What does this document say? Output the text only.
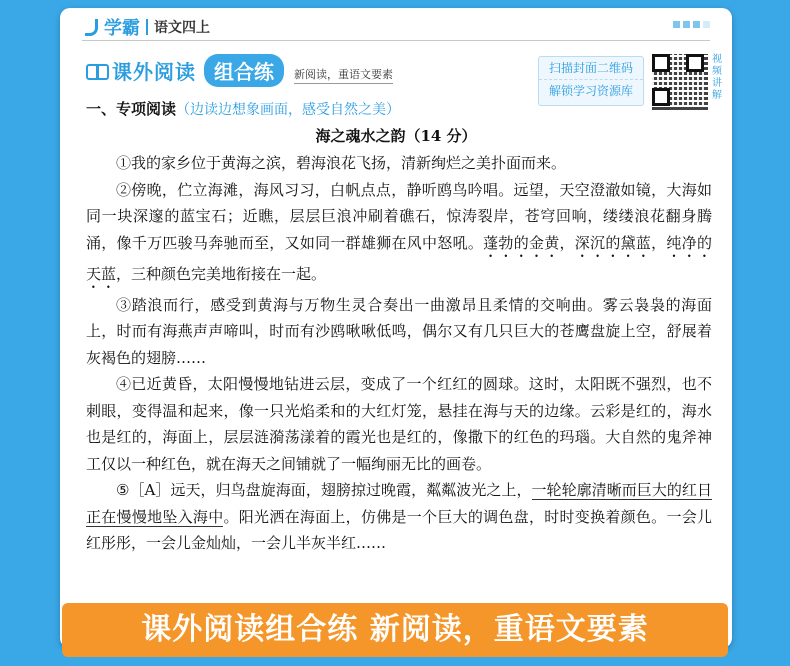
学霸 语文四上
课外阅读 组合练	新阅读，重语文要素	扫描封面二维码
解锁学习资源库
视频讲解
一、专项阅读（边读边想象画面，感受自然之美）
海之魂水之韵（14 分）

①我的家乡位于黄海之滨，碧海浪花飞扬，清新绚烂之美扑面而来。

②傍晚，伫立海滩，海风习习，白帆点点，静听鸥鸟吟唱。远望，天空澄澈如镜，大海如同一块深邃的蓝宝石；近瞧，层层巨浪冲刷着礁石，惊涛裂岸，苍穹回响，缕缕浪花翻身腾涌，像千万匹骏马奔驰而至，又如同一群雄狮在风中怒吼。蓬勃的金黄，深沉的黛蓝，纯净的天蓝，三种颜色完美地衔接在一起。

③踏浪而行，感受到黄海与万物生灵合奏出一曲激昂且柔情的交响曲。雾云袅袅的海面上，时而有海燕声声啼叫，时而有沙鸥啾啾低鸣，偶尔又有几只巨大的苍鹰盘旋上空，舒展着灰褐色的翅膀……

④已近黄昏，太阳慢慢地钻进云层，变成了一个红红的圆球。这时，太阳既不强烈，也不刺眼，变得温和起来，像一只光焰柔和的大红灯笼，悬挂在海与天的边缘。云彩是红的，海水也是红的，海面上，层层涟漪荡漾着的霞光也是红的，像撒下的红色的玛瑙。大自然的鬼斧神工仅以一种红色，就在海天之间铺就了一幅绚丽无比的画卷。

⑤［A］远天，归鸟盘旋海面，翅膀掠过晚霞，粼粼波光之上，一轮轮廓清晰而巨大的红日正在慢慢地坠入海中。阳光洒在海面上，仿佛是一个巨大的调色盘，时时变换着颜色。一会儿红彤彤，一会儿金灿灿，一会儿半灰半红……

课外阅读组合练 新阅读，重语文要素
